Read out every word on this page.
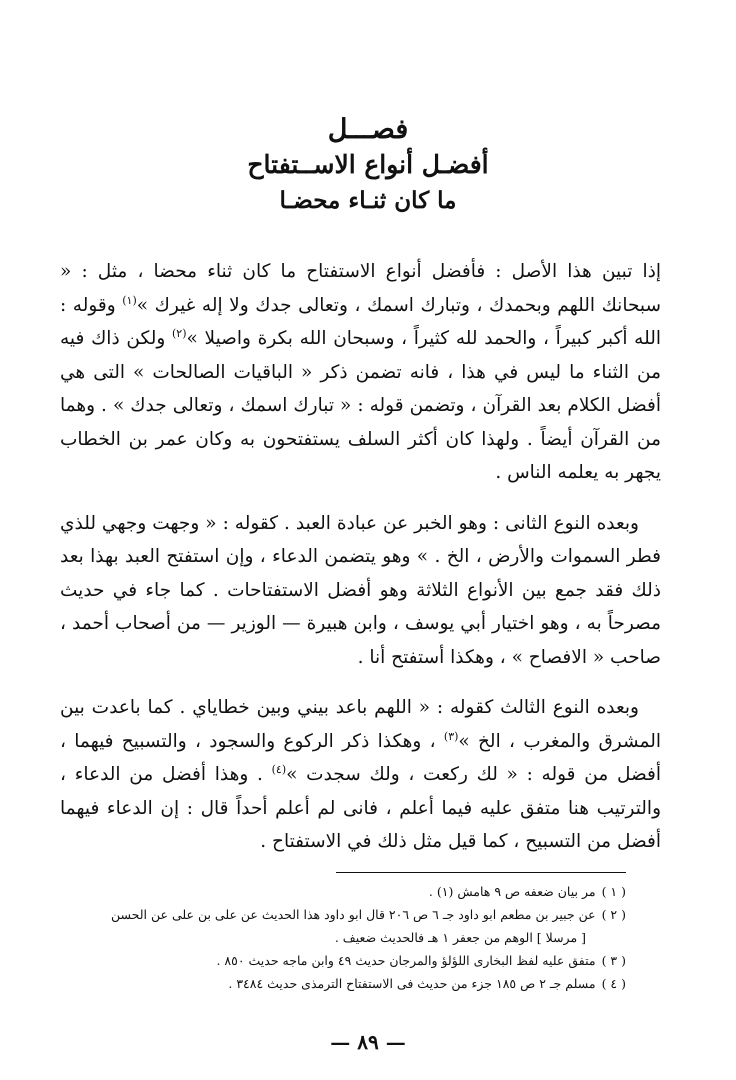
فصـــل
أفضـل أنواع الاســتفتاح
ما كان ثنـاء محضـا

إذا تبين هذا الأصل : فأفضل أنواع الاستفتاح ما كان ثناء محضا ، مثل : « سبحانك اللهم وبحمدك ، وتبارك اسمك ، وتعالى جدك ولا إله غيرك »$^{(١)}$ وقوله : الله أكبر كبيراً ، والحمد لله كثيراً ، وسبحان الله بكرة واصيلا »$^{(٢)}$ ولكن ذاك فيه من الثناء ما ليس في هذا ، فانه تضمن ذكر « الباقيات الصالحات » التى هي أفضل الكلام بعد القرآن ، وتضمن قوله : « تبارك اسمك ، وتعالى جدك » . وهما من القرآن أيضاً . ولهذا كان أكثر السلف يستفتحون به وكان عمر بن الخطاب يجهر به يعلمه الناس .

وبعده النوع الثانى : وهو الخبر عن عبادة العبد . كقوله : « وجهت وجهي للذي فطر السموات والأرض ، الخ . » وهو يتضمن الدعاء ، وإن استفتح العبد بهذا بعد ذلك فقد جمع بين الأنواع الثلاثة وهو أفضل الاستفتاحات . كما جاء في حديث مصرحاً به ، وهو اختيار أبي يوسف ، وابن هبيرة — الوزير — من أصحاب أحمد ، صاحب « الافصاح » ، وهكذا أستفتح أنا .

وبعده النوع الثالث كقوله : « اللهم باعد بيني وبين خطاياي . كما باعدت بين المشرق والمغرب ، الخ »$^{(٣)}$ ، وهكذا ذكر الركوع والسجود ، والتسبيح فيهما ، أفضل من قوله : « لك ركعت ، ولك سجدت »$^{(٤)}$ . وهذا أفضل من الدعاء ، والترتيب هنا متفق عليه فيما أعلم ، فانى لم أعلم أحداً قال : إن الدعاء فيهما أفضل من التسبيح ، كما قيل مثل ذلك في الاستفتاح .

( ١ )
مر بيان ضعفه ص ٩ هامش (١) .
( ٢ )
عن جبير بن مطعم ابو داود جـ ٦ ص ٢٠٦ قال ابو داود هذا الحديث عن على بن على عن الحسن
[ مرسلا ] الوهم من جعفر ١ هـ فالحديث ضعيف .
( ٣ )
متفق عليه لفظ البخارى اللؤلؤ والمرجان حديث ٤٩ وابن ماجه حديث ٨٥٠ .
( ٤ )
مسلم جـ ٢ ص ١٨٥ جزء من حديث فى الاستفتاح الترمذى حديث ٣٤٨٤ .
— ٨٩ —
